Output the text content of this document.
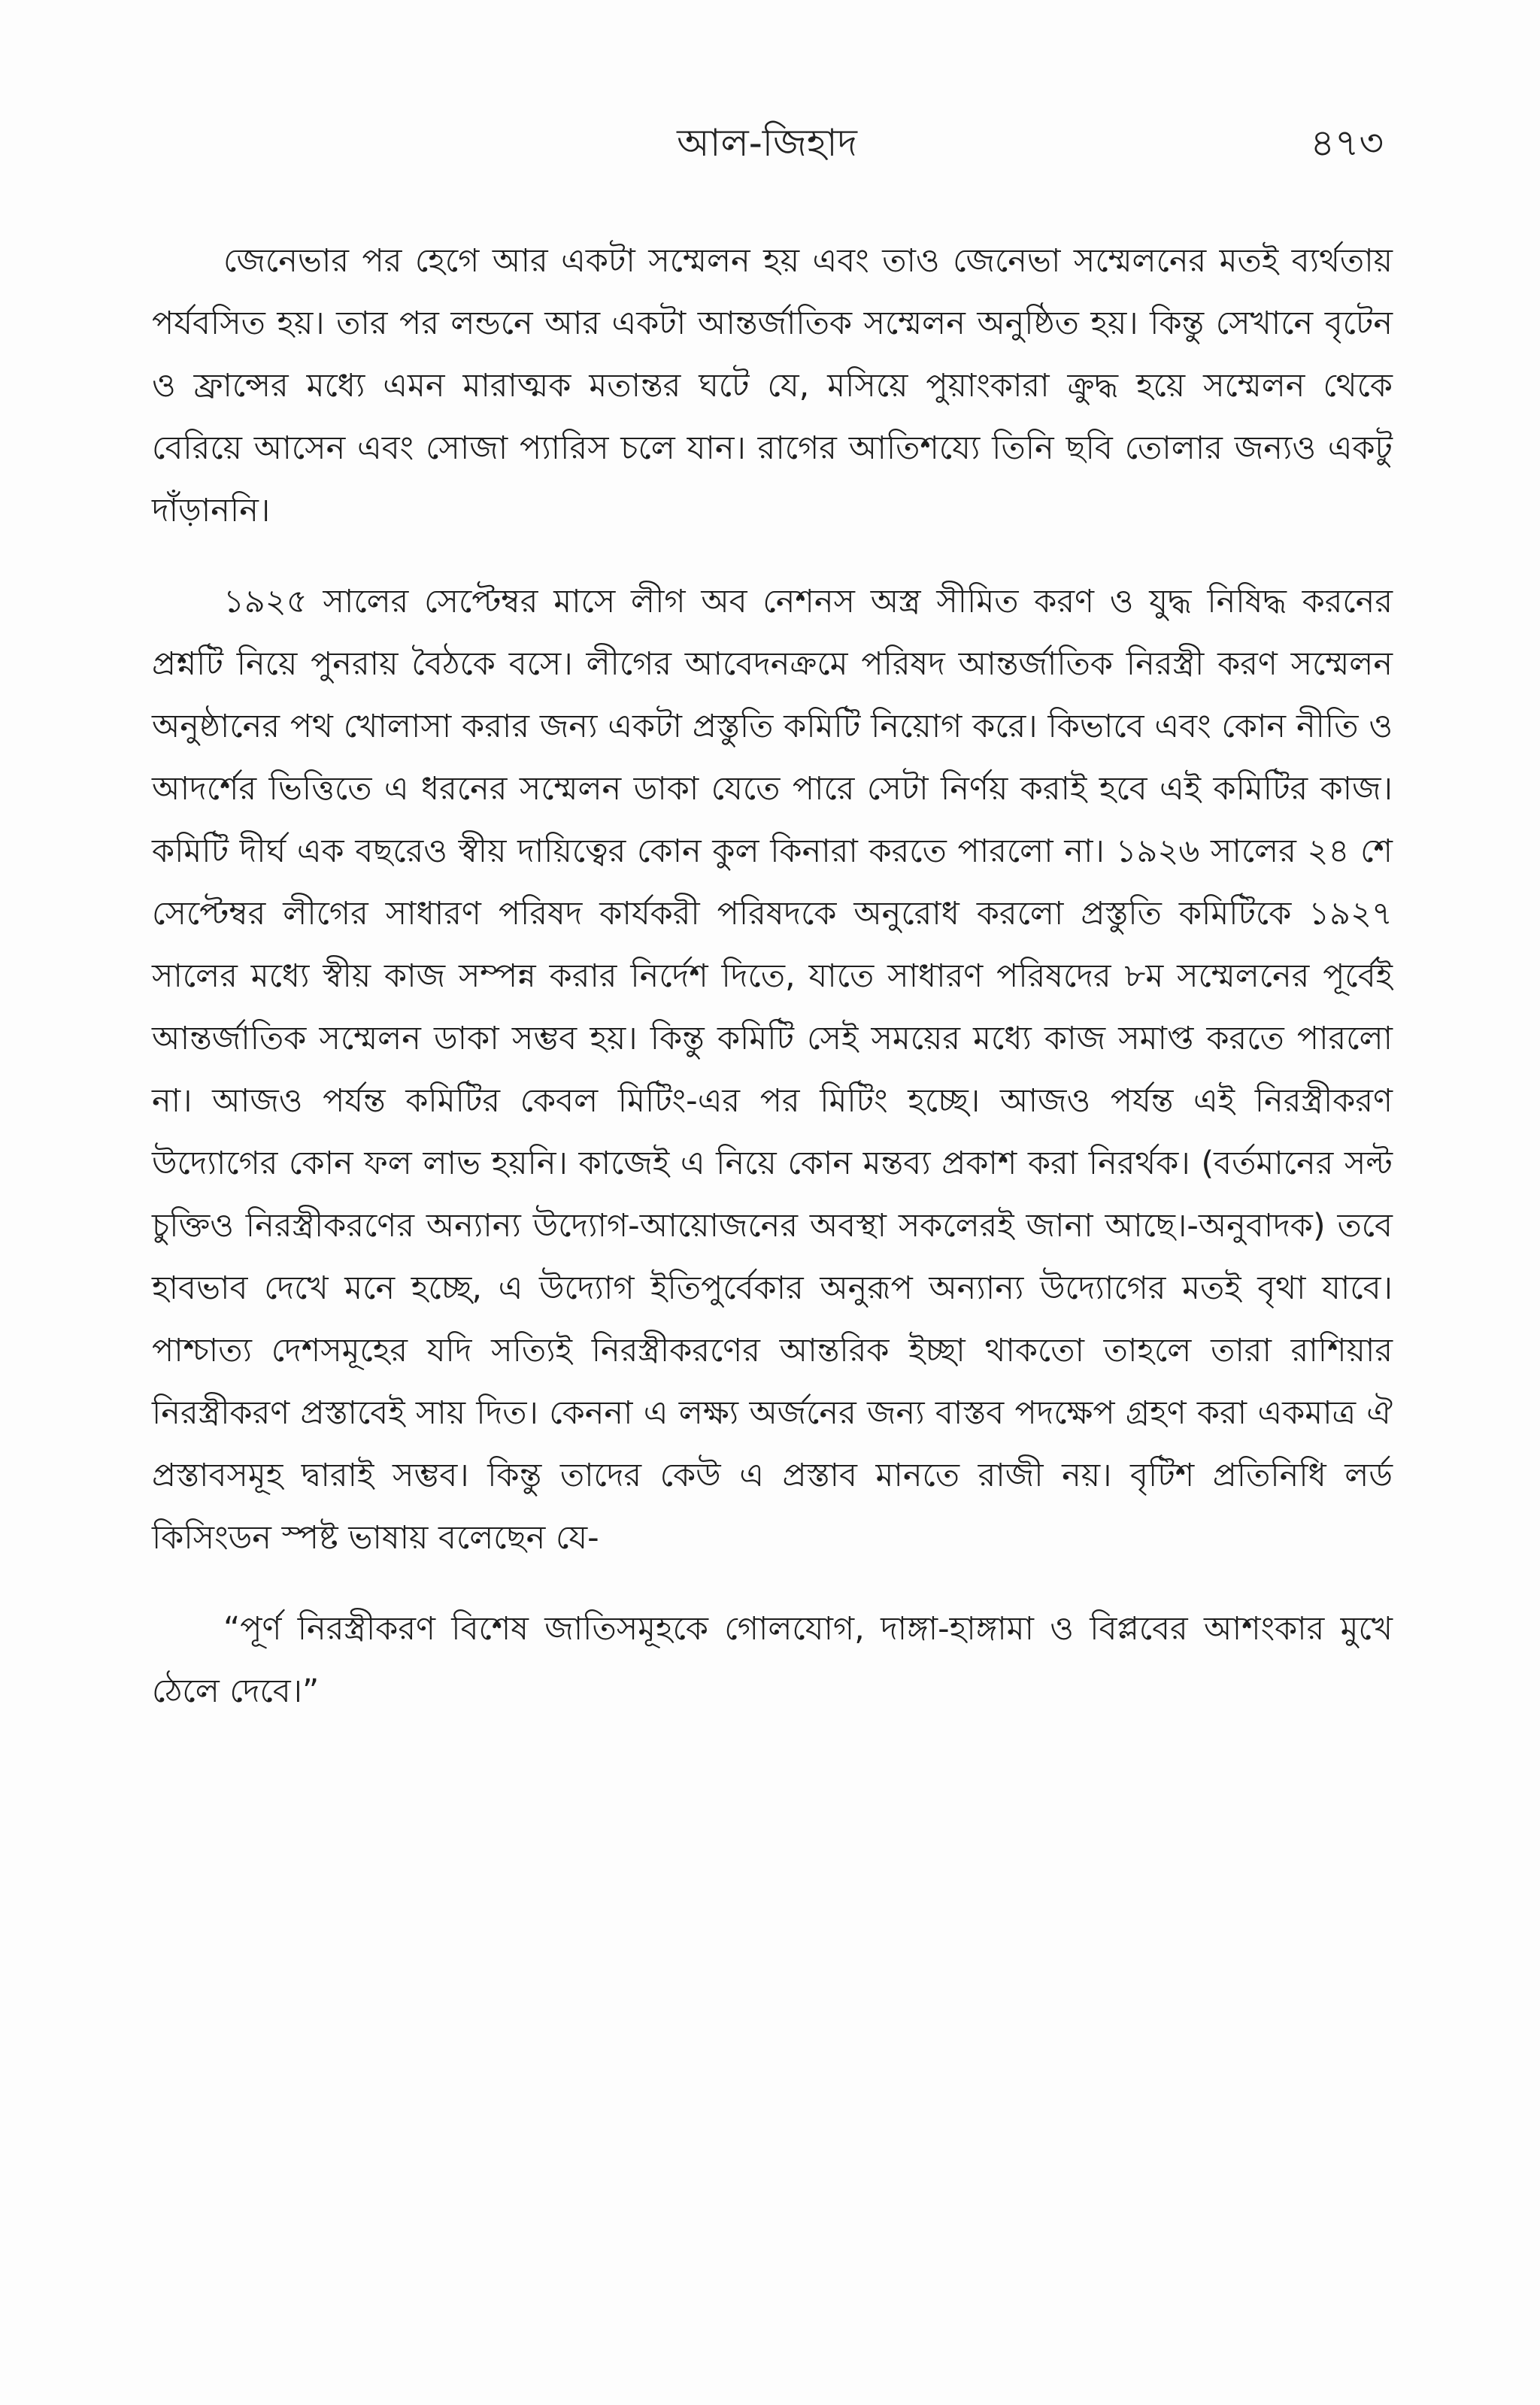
আল-জিহাদ	৪৭৩

জেনেভার পর হেগে আর একটা সম্মেলন হয় এবং তাও জেনেভা সম্মেলনের মতই ব্যর্থতায় পর্যবসিত হয়। তার পর লন্ডনে আর একটা আন্তর্জাতিক সম্মেলন অনুষ্ঠিত হয়। কিন্তু সেখানে বৃটেন ও ফ্রান্সের মধ্যে এমন মারাত্মক মতান্তর ঘটে যে, মসিয়ে পুয়াংকারা ক্রুদ্ধ হয়ে সম্মেলন থেকে বেরিয়ে আসেন এবং সোজা প্যারিস চলে যান। রাগের আতিশয্যে তিনি ছবি তোলার জন্যও একটু দাঁড়াননি।

১৯২৫ সালের সেপ্টেম্বর মাসে লীগ অব নেশনস অস্ত্র সীমিত করণ ও যুদ্ধ নিষিদ্ধ করনের প্রশ্নটি নিয়ে পুনরায় বৈঠকে বসে। লীগের আবেদনক্রমে পরিষদ আন্তর্জাতিক নিরস্ত্রী করণ সম্মেলন অনুষ্ঠানের পথ খোলাসা করার জন্য একটা প্রস্তুতি কমিটি নিয়োগ করে। কিভাবে এবং কোন নীতি ও আদর্শের ভিত্তিতে এ ধরনের সম্মেলন ডাকা যেতে পারে সেটা নির্ণয় করাই হবে এই কমিটির কাজ। কমিটি দীর্ঘ এক বছরেও স্বীয় দায়িত্বের কোন কুল কিনারা করতে পারলো না। ১৯২৬ সালের ২৪ শে সেপ্টেম্বর লীগের সাধারণ পরিষদ কার্যকরী পরিষদকে অনুরোধ করলো প্রস্তুতি কমিটিকে ১৯২৭ সালের মধ্যে স্বীয় কাজ সম্পন্ন করার নির্দেশ দিতে, যাতে সাধারণ পরিষদের ৮ম সম্মেলনের পূর্বেই আন্তর্জাতিক সম্মেলন ডাকা সম্ভব হয়। কিন্তু কমিটি সেই সময়ের মধ্যে কাজ সমাপ্ত করতে পারলো না। আজও পর্যন্ত কমিটির কেবল মিটিং-এর পর মিটিং হচ্ছে। আজও পর্যন্ত এই নিরস্ত্রীকরণ উদ্যোগের কোন ফল লাভ হয়নি। কাজেই এ নিয়ে কোন মন্তব্য প্রকাশ করা নিরর্থক। (বর্তমানের সল্ট চুক্তিও নিরস্ত্রীকরণের অন্যান্য উদ্যোগ-আয়োজনের অবস্থা সকলেরই জানা আছে।-অনুবাদক) তবে হাবভাব দেখে মনে হচ্ছে, এ উদ্যোগ ইতিপুর্বেকার অনুরূপ অন্যান্য উদ্যোগের মতই বৃথা যাবে। পাশ্চাত্য দেশসমূহের যদি সত্যিই নিরস্ত্রীকরণের আন্তরিক ইচ্ছা থাকতো তাহলে তারা রাশিয়ার নিরস্ত্রীকরণ প্রস্তাবেই সায় দিত। কেননা এ লক্ষ্য অর্জনের জন্য বাস্তব পদক্ষেপ গ্রহণ করা একমাত্র ঐ প্রস্তাবসমূহ দ্বারাই সম্ভব। কিন্তু তাদের কেউ এ প্রস্তাব মানতে রাজী নয়। বৃটিশ প্রতিনিধি লর্ড কিসিংডন স্পষ্ট ভাষায় বলেছেন যে-

“পূর্ণ নিরস্ত্রীকরণ বিশেষ জাতিসমূহকে গোলযোগ, দাঙ্গা-হাঙ্গামা ও বিপ্লবের আশংকার মুখে ঠেলে দেবে।”
